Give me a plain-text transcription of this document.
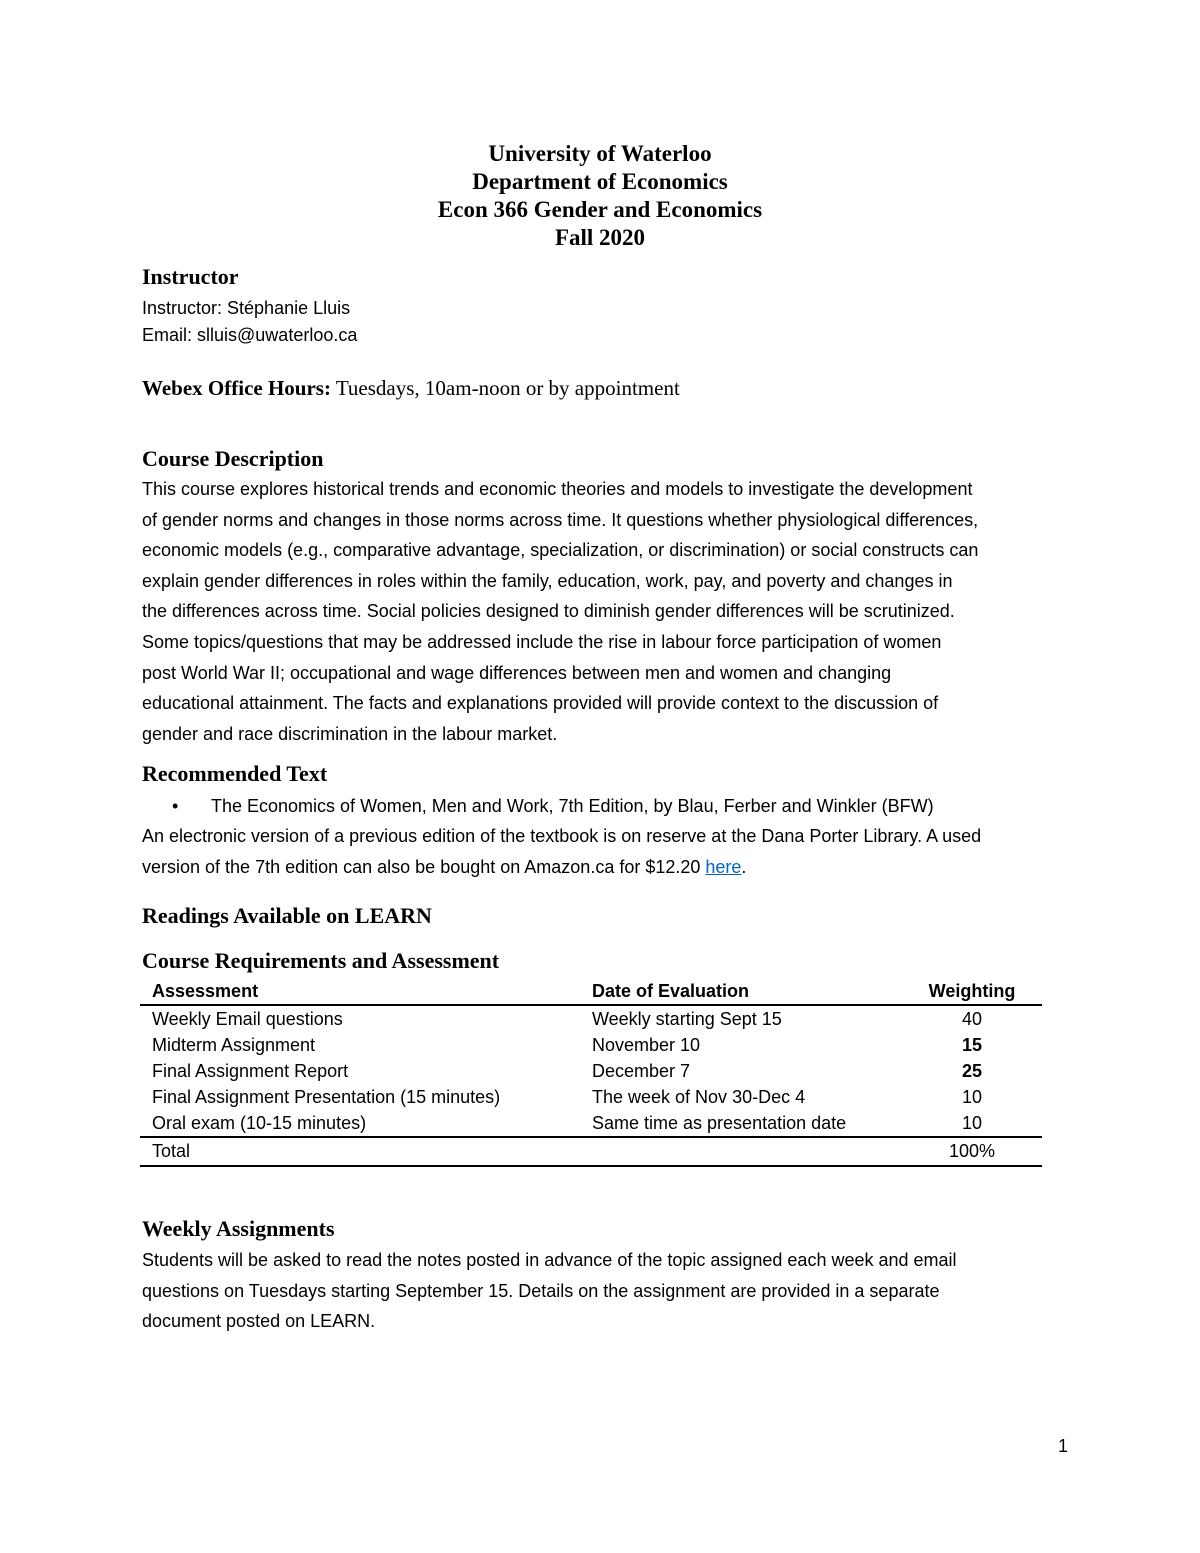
University of Waterloo
Department of Economics
Econ 366 Gender and Economics
Fall 2020
Instructor
Instructor: Stéphanie Lluis
Email: slluis@uwaterloo.ca
Webex Office Hours: Tuesdays, 10am-noon or by appointment
Course Description

This course explores historical trends and economic theories and models to investigate the development

of gender norms and changes in those norms across time. It questions whether physiological differences,

economic models (e.g., comparative advantage, specialization, or discrimination) or social constructs can

explain gender differences in roles within the family, education, work, pay, and poverty and changes in

the differences across time. Social policies designed to diminish gender differences will be scrutinized.

Some topics/questions that may be addressed include the rise in labour force participation of women

post World War II; occupational and wage differences between men and women and changing

educational attainment. The facts and explanations provided will provide context to the discussion of

gender and race discrimination in the labour market.

Recommended Text
• The Economics of Women, Men and Work, 7th Edition, by Blau, Ferber and Winkler (BFW)

An electronic version of a previous edition of the textbook is on reserve at the Dana Porter Library. A used

version of the 7th edition can also be bought on Amazon.ca for $12.20 here.

Readings Available on LEARN
Course Requirements and Assessment
Assessment	Date of Evaluation	Weighting
Weekly Email questions	Weekly starting Sept 15	40
Midterm Assignment	November 10	15
Final Assignment Report	December 7	25
Final Assignment Presentation (15 minutes)	The week of Nov 30-Dec 4	10
Oral exam (10-15 minutes)	Same time as presentation date	10
Total		100%
Weekly Assignments

Students will be asked to read the notes posted in advance of the topic assigned each week and email

questions on Tuesdays starting September 15. Details on the assignment are provided in a separate

document posted on LEARN.

1
